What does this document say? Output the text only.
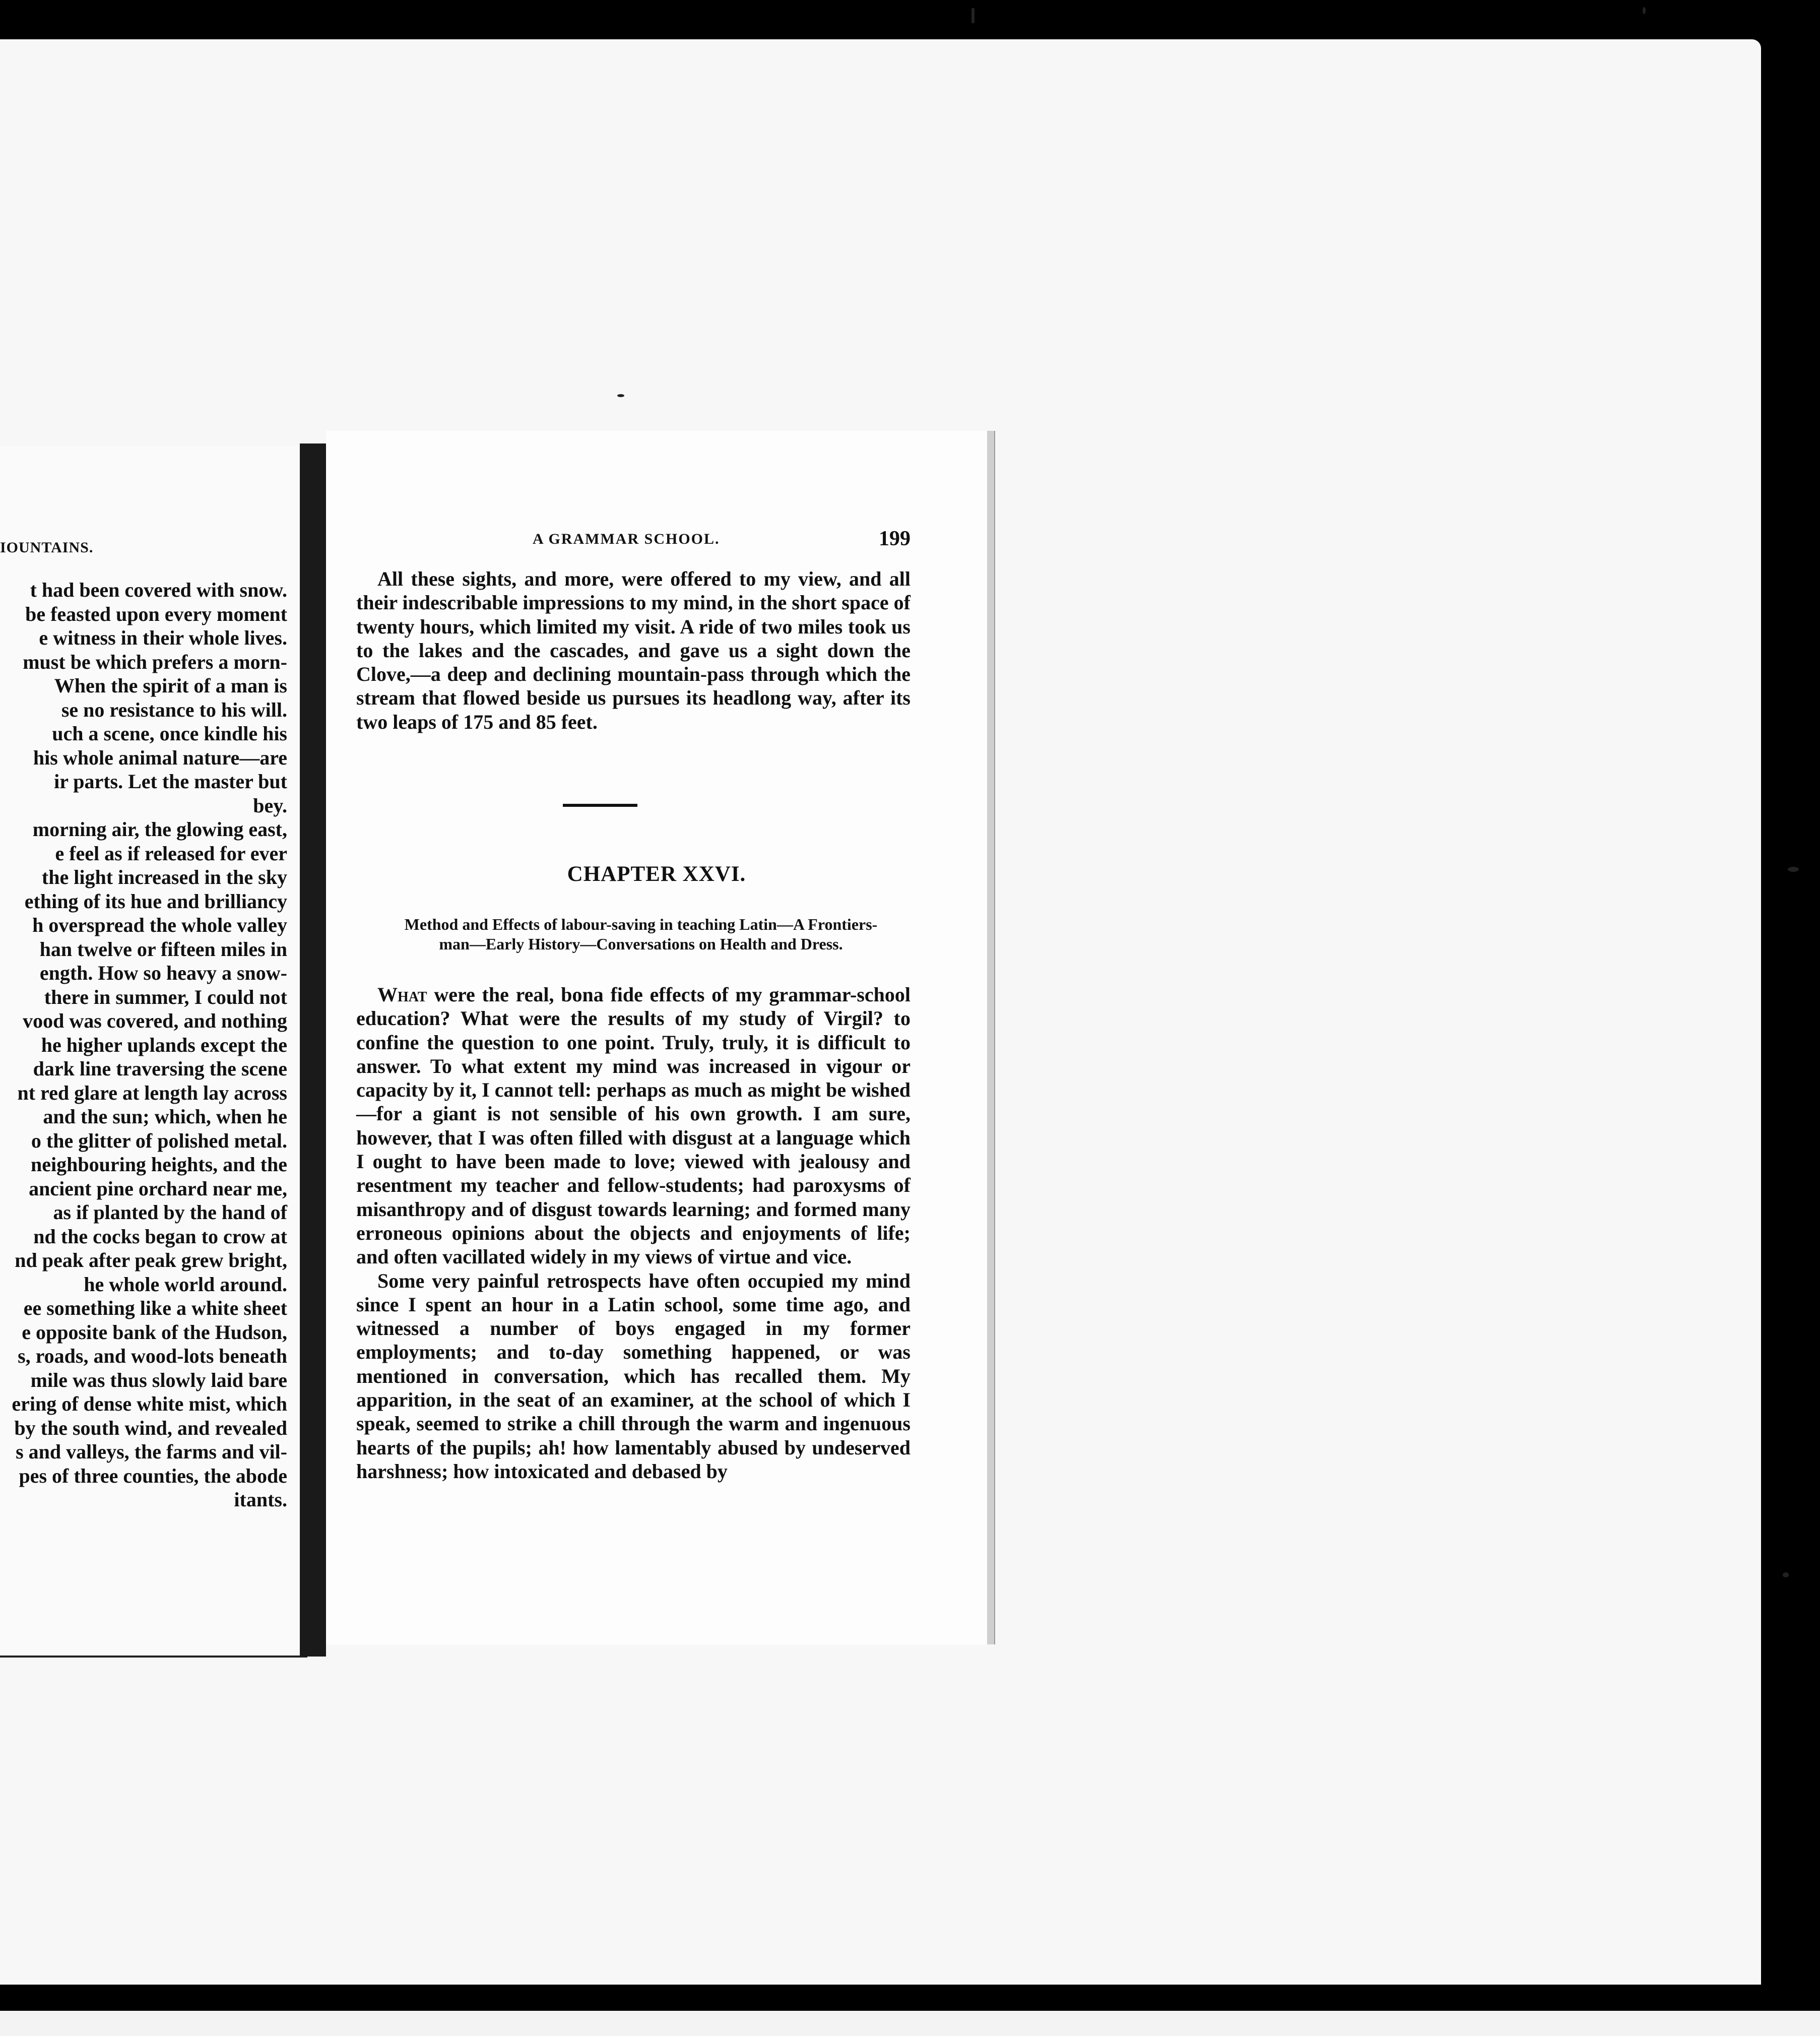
IOUNTAINS.
t had been covered with snow.
be feasted upon every moment
e witness in their whole lives.
must be which prefers a morn-
When the spirit of a man is
se no resistance to his will.
uch a scene, once kindle his
his whole animal nature—are
ir parts. Let the master but
bey.
morning air, the glowing east,
e feel as if released for ever
the light increased in the sky
ething of its hue and brilliancy
h overspread the whole valley
han twelve or fifteen miles in
ength. How so heavy a snow-
there in summer, I could not
vood was covered, and nothing
he higher uplands except the
dark line traversing the scene
nt red glare at length lay across
and the sun; which, when he
o the glitter of polished metal.
neighbouring heights, and the
ancient pine orchard near me,
as if planted by the hand of
nd the cocks began to crow at
nd peak after peak grew bright,
he whole world around.
ee something like a white sheet
e opposite bank of the Hudson,
s, roads, and wood-lots beneath
mile was thus slowly laid bare
ering of dense white mist, which
by the south wind, and revealed
s and valleys, the farms and vil-
pes of three counties, the abode
itants.
A GRAMMAR SCHOOL.	199

All these sights, and more, were offered to my view, and all their indescribable impressions to my mind, in the short space of twenty hours, which limited my visit. A ride of two miles took us to the lakes and the cascades, and gave us a sight down the Clove,—a deep and declining mountain-pass through which the stream that flowed beside us pursues its headlong way, after its two leaps of 175 and 85 feet.

CHAPTER XXVI.
Method and Effects of labour-saving in teaching Latin—A Frontiers-
man—Early History—Conversations on Health and Dress.

What were the real, bona fide effects of my grammar-school education? What were the results of my study of Virgil? to confine the question to one point. Truly, truly, it is difficult to answer. To what extent my mind was increased in vigour or capacity by it, I cannot tell: perhaps as much as might be wished—for a giant is not sensible of his own growth. I am sure, however, that I was often filled with disgust at a language which I ought to have been made to love; viewed with jealousy and resentment my teacher and fellow-students; had paroxysms of misanthropy and of disgust towards learning; and formed many erroneous opinions about the objects and enjoyments of life; and often vacillated widely in my views of virtue and vice.

Some very painful retrospects have often occupied my mind since I spent an hour in a Latin school, some time ago, and witnessed a number of boys engaged in my former employments; and to-day something happened, or was mentioned in conversation, which has recalled them. My apparition, in the seat of an examiner, at the school of which I speak, seemed to strike a chill through the warm and ingenuous hearts of the pupils; ah! how lamentably abused by undeserved harshness; how intoxicated and debased by
